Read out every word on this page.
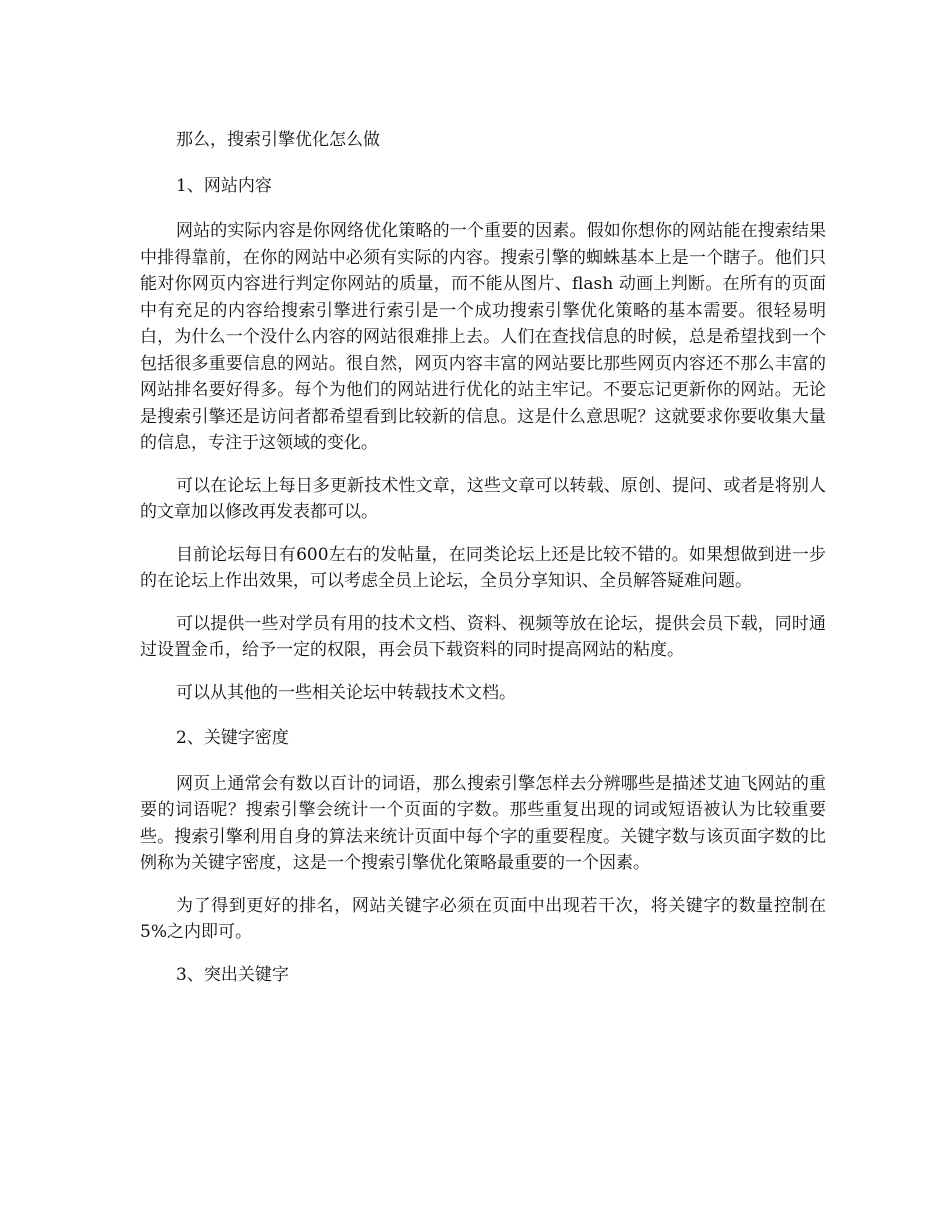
那么，搜索引擎优化怎么做

1、网站内容

网站的实际内容是你网络优化策略的一个重要的因素。假如你想你的网站能在搜索结果中排得靠前，在你的网站中必须有实际的内容。搜索引擎的蜘蛛基本上是一个瞎子。他们只能对你网页内容进行判定你网站的质量，而不能从图片、flash 动画上判断。在所有的页面中有充足的内容给搜索引擎进行索引是一个成功搜索引擎优化策略的基本需要。很轻易明白，为什么一个没什么内容的网站很难排上去。人们在查找信息的时候，总是希望找到一个包括很多重要信息的网站。很自然，网页内容丰富的网站要比那些网页内容还不那么丰富的网站排名要好得多。每个为他们的网站进行优化的站主牢记。不要忘记更新你的网站。无论是搜索引擎还是访问者都希望看到比较新的信息。这是什么意思呢？这就要求你要收集大量的信息，专注于这领域的变化。

可以在论坛上每日多更新技术性文章，这些文章可以转载、原创、提问、或者是将别人的文章加以修改再发表都可以。

目前论坛每日有600左右的发帖量，在同类论坛上还是比较不错的。如果想做到进一步的在论坛上作出效果，可以考虑全员上论坛，全员分享知识、全员解答疑难问题。

可以提供一些对学员有用的技术文档、资料、视频等放在论坛，提供会员下载，同时通过设置金币，给予一定的权限，再会员下载资料的同时提高网站的粘度。

可以从其他的一些相关论坛中转载技术文档。

2、关键字密度

网页上通常会有数以百计的词语，那么搜索引擎怎样去分辨哪些是描述艾迪飞网站的重要的词语呢？搜索引擎会统计一个页面的字数。那些重复出现的词或短语被认为比较重要些。搜索引擎利用自身的算法来统计页面中每个字的重要程度。关键字数与该页面字数的比例称为关键字密度，这是一个搜索引擎优化策略最重要的一个因素。

为了得到更好的排名，网站关键字必须在页面中出现若干次，将关键字的数量控制在5%之内即可。

3、突出关键字
